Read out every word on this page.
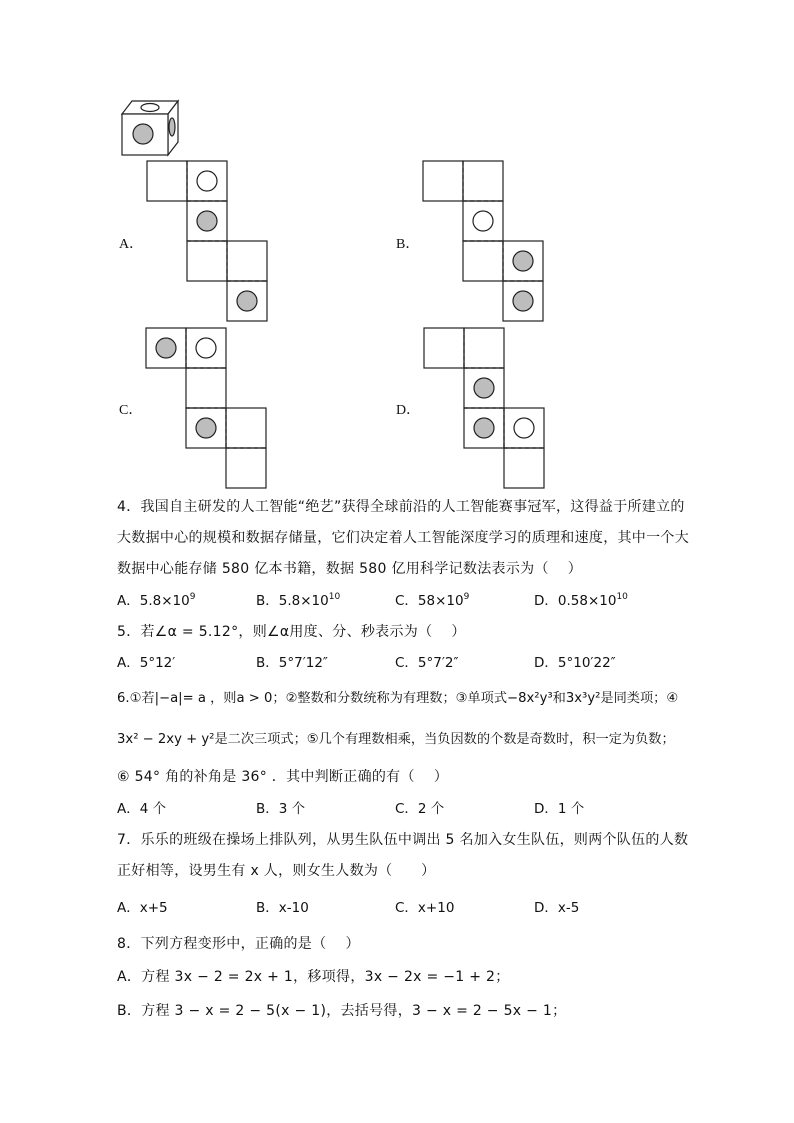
A．	B．
C．	D．
4．我国自主研发的人工智能“绝艺”获得全球前沿的人工智能赛事冠军，这得益于所建立的
大数据中心的规模和数据存储量，它们决定着人工智能深度学习的质理和速度，其中一个大
数据中心能存储 580 亿本书籍，数据 580 亿用科学记数法表示为（　 ）
A．$5.8\times 10^9$	B．$5.8\times 10^{10}$	C．$58\times 10^9$	D．$0.58\times 10^{10}$
5．若∠α = 5.12°，则∠α用度、分、秒表示为（　 ）
A．5°12′	B．5°7′12″	C．5°7′2″	D．5°10′22″
6.①若|−a|= a ，则a > 0；②整数和分数统称为有理数；③单项式−8x²y³和3x³y²是同类项；④
3x² − 2xy + y²是二次三项式；⑤几个有理数相乘，当负因数的个数是奇数时，积一定为负数；
⑥ 54° 角的补角是 36° ．其中判断正确的有（　 ）
A．4 个	B．3 个	C．2 个	D．1 个
7．乐乐的班级在操场上排队列，从男生队伍中调出 5 名加入女生队伍，则两个队伍的人数
正好相等，设男生有 x 人，则女生人数为（　　）
A．x+5	B．x-10	C．x+10	D．x-5
8．下列方程变形中，正确的是（　 ）
A．方程 3x − 2 = 2x + 1，移项得，3x − 2x = −1 + 2；
B．方程 3 − x = 2 − 5(x − 1)，去括号得，3 − x = 2 − 5x − 1；
